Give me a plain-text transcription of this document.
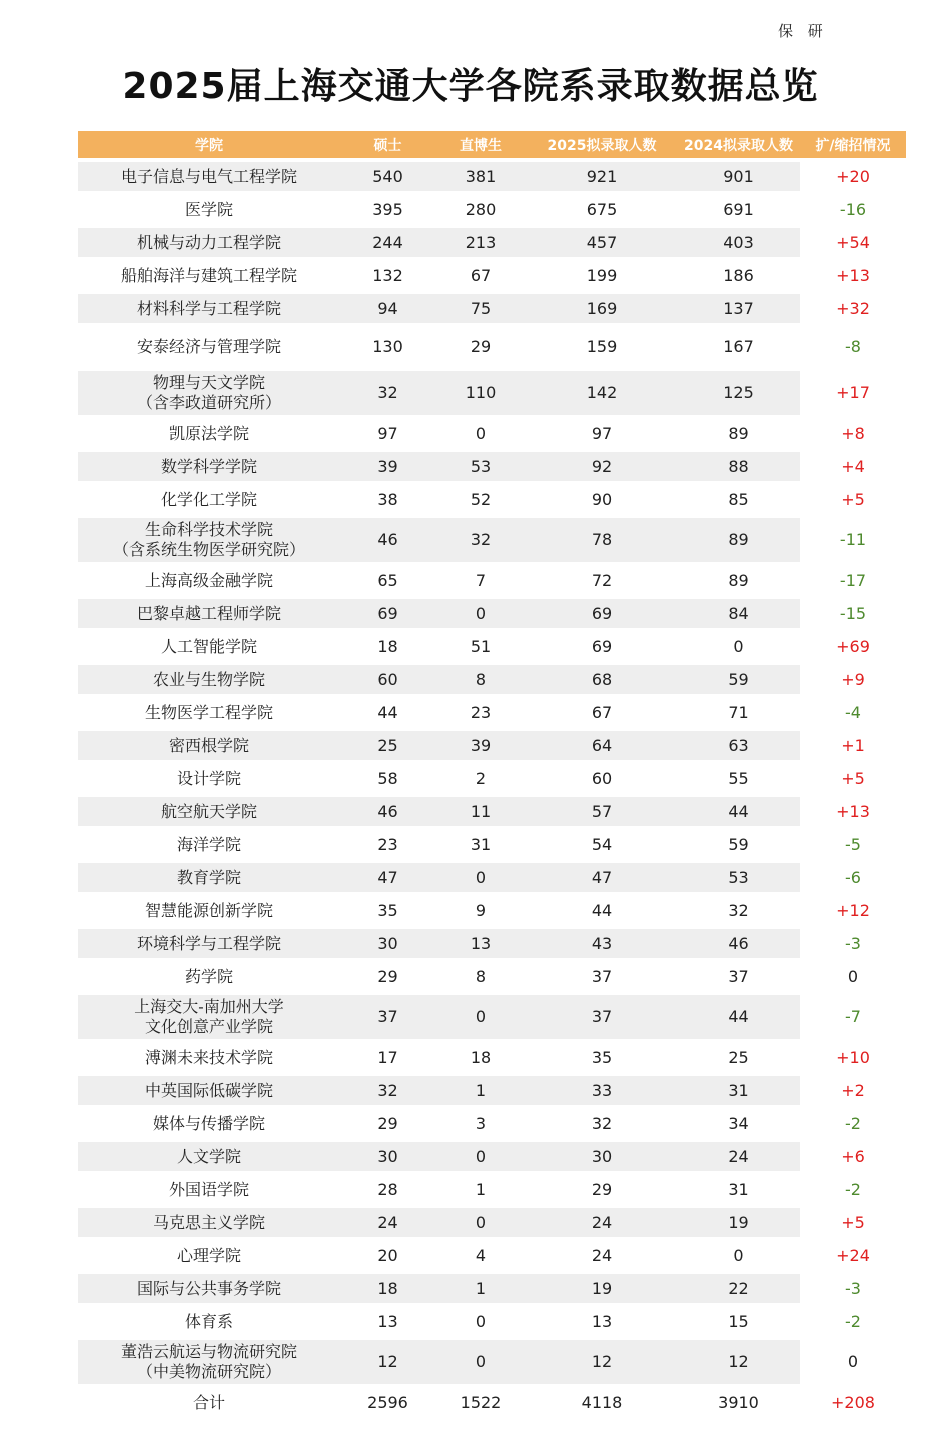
保 研
2025届上海交通大学各院系录取数据总览
学院	硕士	直博生	2025拟录取人数	2024拟录取人数	扩/缩招情况

电子信息与电气工程学院	540	381	921	901	+20

医学院	395	280	675	691	-16

机械与动力工程学院	244	213	457	403	+54

船舶海洋与建筑工程学院	132	67	199	186	+13

材料科学与工程学院	94	75	169	137	+32

安泰经济与管理学院	130	29	159	167	-8

物理与天文学院
（含李政道研究所）	32	110	142	125	+17

凯原法学院	97	0	97	89	+8

数学科学学院	39	53	92	88	+4

化学化工学院	38	52	90	85	+5

生命科学技术学院
（含系统生物医学研究院）	46	32	78	89	-11

上海高级金融学院	65	7	72	89	-17

巴黎卓越工程师学院	69	0	69	84	-15

人工智能学院	18	51	69	0	+69

农业与生物学院	60	8	68	59	+9

生物医学工程学院	44	23	67	71	-4

密西根学院	25	39	64	63	+1

设计学院	58	2	60	55	+5

航空航天学院	46	11	57	44	+13

海洋学院	23	31	54	59	-5

教育学院	47	0	47	53	-6

智慧能源创新学院	35	9	44	32	+12

环境科学与工程学院	30	13	43	46	-3

药学院	29	8	37	37	0

上海交大-南加州大学
文化创意产业学院	37	0	37	44	-7

溥渊未来技术学院	17	18	35	25	+10

中英国际低碳学院	32	1	33	31	+2

媒体与传播学院	29	3	32	34	-2

人文学院	30	0	30	24	+6

外国语学院	28	1	29	31	-2

马克思主义学院	24	0	24	19	+5

心理学院	20	4	24	0	+24

国际与公共事务学院	18	1	19	22	-3

体育系	13	0	13	15	-2

董浩云航运与物流研究院
（中美物流研究院）	12	0	12	12	0
合计	2596	1522	4118	3910	+208
